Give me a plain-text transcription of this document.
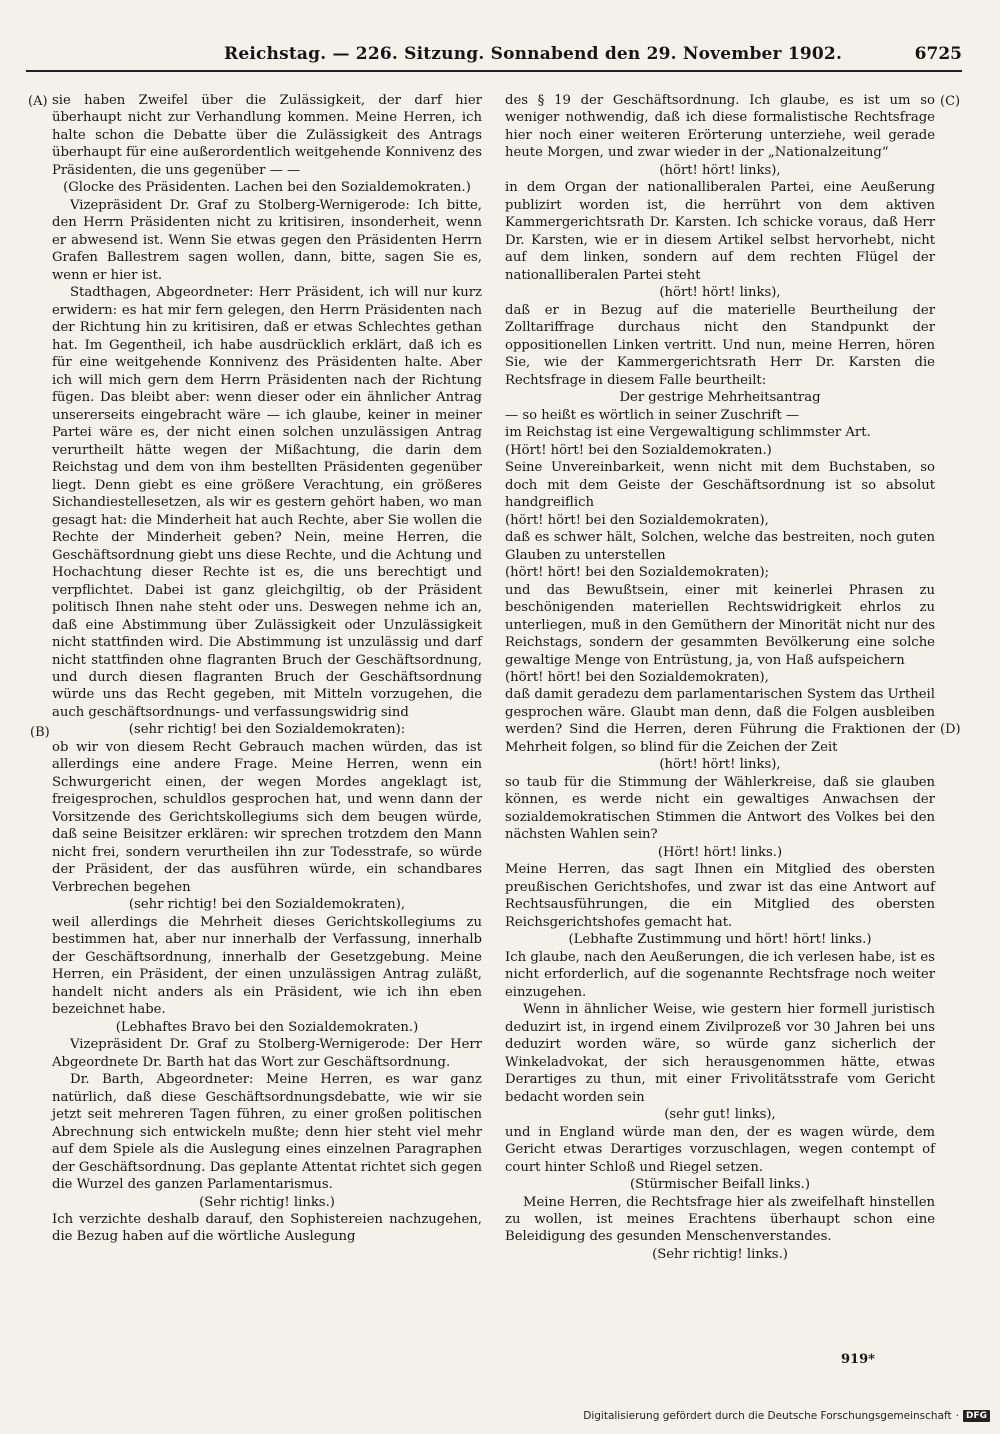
Reichstag. — 226. Sitzung. Sonnabend den 29. November 1902.	6725
(A)
(B)
(C)
(D)

sie haben Zweifel über die Zulässigkeit, der darf hier überhaupt nicht zur Verhandlung kommen. Meine Herren, ich halte schon die Debatte über die Zulässigkeit des Antrags überhaupt für eine außerordentlich weitgehende Konnivenz des Präsidenten, die uns gegenüber — —

(Glocke des Präsidenten. Lachen bei den Sozialdemokraten.)

Vizepräsident Dr. Graf zu Stolberg-Wernigerode: Ich bitte, den Herrn Präsidenten nicht zu kritisiren, insonderheit, wenn er abwesend ist. Wenn Sie etwas gegen den Präsidenten Herrn Grafen Ballestrem sagen wollen, dann, bitte, sagen Sie es, wenn er hier ist.

Stadthagen, Abgeordneter: Herr Präsident, ich will nur kurz erwidern: es hat mir fern gelegen, den Herrn Präsidenten nach der Richtung hin zu kritisiren, daß er etwas Schlechtes gethan hat. Im Gegentheil, ich habe ausdrücklich erklärt, daß ich es für eine weitgehende Konnivenz des Präsidenten halte. Aber ich will mich gern dem Herrn Präsidenten nach der Richtung fügen. Das bleibt aber: wenn dieser oder ein ähnlicher Antrag unsererseits eingebracht wäre — ich glaube, keiner in meiner Partei wäre es, der nicht einen solchen unzulässigen Antrag verurtheilt hätte wegen der Mißachtung, die darin dem Reichstag und dem von ihm bestellten Präsidenten gegenüber liegt. Denn giebt es eine größere Verachtung, ein größeres Sichandiestellesetzen, als wir es gestern gehört haben, wo man gesagt hat: die Minderheit hat auch Rechte, aber Sie wollen die Rechte der Minderheit geben? Nein, meine Herren, die Geschäftsordnung giebt uns diese Rechte, und die Achtung und Hochachtung dieser Rechte ist es, die uns berechtigt und verpflichtet. Dabei ist ganz gleichgiltig, ob der Präsident politisch Ihnen nahe steht oder uns. Deswegen nehme ich an, daß eine Abstimmung über Zulässigkeit oder Unzulässigkeit nicht stattfinden wird. Die Abstimmung ist unzulässig und darf nicht stattfinden ohne flagranten Bruch der Geschäftsordnung, und durch diesen flagranten Bruch der Geschäftsordnung würde uns das Recht gegeben, mit Mitteln vorzugehen, die auch geschäftsordnungs- und verfassungswidrig sind

(sehr richtig! bei den Sozialdemokraten):

ob wir von diesem Recht Gebrauch machen würden, das ist allerdings eine andere Frage. Meine Herren, wenn ein Schwurgericht einen, der wegen Mordes angeklagt ist, freigesprochen, schuldlos gesprochen hat, und wenn dann der Vorsitzende des Gerichtskollegiums sich dem beugen würde, daß seine Beisitzer erklären: wir sprechen trotzdem den Mann nicht frei, sondern verurtheilen ihn zur Todesstrafe, so würde der Präsident, der das ausführen würde, ein schandbares Verbrechen begehen

(sehr richtig! bei den Sozialdemokraten),

weil allerdings die Mehrheit dieses Gerichtskollegiums zu bestimmen hat, aber nur innerhalb der Verfassung, innerhalb der Geschäftsordnung, innerhalb der Gesetzgebung. Meine Herren, ein Präsident, der einen unzulässigen Antrag zuläßt, handelt nicht anders als ein Präsident, wie ich ihn eben bezeichnet habe.

(Lebhaftes Bravo bei den Sozialdemokraten.)

Vizepräsident Dr. Graf zu Stolberg-Wernigerode: Der Herr Abgeordnete Dr. Barth hat das Wort zur Geschäftsordnung.

Dr. Barth, Abgeordneter: Meine Herren, es war ganz natürlich, daß diese Geschäftsordnungsdebatte, wie wir sie jetzt seit mehreren Tagen führen, zu einer großen politischen Abrechnung sich entwickeln mußte; denn hier steht viel mehr auf dem Spiele als die Auslegung eines einzelnen Paragraphen der Geschäftsordnung. Das geplante Attentat richtet sich gegen die Wurzel des ganzen Parlamentarismus.

(Sehr richtig! links.)

Ich verzichte deshalb darauf, den Sophistereien nachzugehen, die Bezug haben auf die wörtliche Auslegung

des § 19 der Geschäftsordnung. Ich glaube, es ist um so weniger nothwendig, daß ich diese formalistische Rechtsfrage hier noch einer weiteren Erörterung unterziehe, weil gerade heute Morgen, und zwar wieder in der „Nationalzeitung“

(hört! hört! links),

in dem Organ der nationalliberalen Partei, eine Aeußerung publizirt worden ist, die herrührt von dem aktiven Kammergerichtsrath Dr. Karsten. Ich schicke voraus, daß Herr Dr. Karsten, wie er in diesem Artikel selbst hervorhebt, nicht auf dem linken, sondern auf dem rechten Flügel der nationalliberalen Partei steht

(hört! hört! links),

daß er in Bezug auf die materielle Beurtheilung der Zolltariffrage durchaus nicht den Standpunkt der oppositionellen Linken vertritt. Und nun, meine Herren, hören Sie, wie der Kammergerichtsrath Herr Dr. Karsten die Rechtsfrage in diesem Falle beurtheilt:

Der gestrige Mehrheitsantrag

— so heißt es wörtlich in seiner Zuschrift —

im Reichstag ist eine Vergewaltigung schlimmster Art.

(Hört! hört! bei den Sozialdemokraten.)

Seine Unvereinbarkeit, wenn nicht mit dem Buchstaben, so doch mit dem Geiste der Geschäftsordnung ist so absolut handgreiflich

(hört! hört! bei den Sozialdemokraten),

daß es schwer hält, Solchen, welche das bestreiten, noch guten Glauben zu unterstellen

(hört! hört! bei den Sozialdemokraten);

und das Bewußtsein, einer mit keinerlei Phrasen zu beschönigenden materiellen Rechtswidrigkeit ehrlos zu unterliegen, muß in den Gemüthern der Minorität nicht nur des Reichstags, sondern der gesammten Bevölkerung eine solche gewaltige Menge von Entrüstung, ja, von Haß aufspeichern

(hört! hört! bei den Sozialdemokraten),

daß damit geradezu dem parlamentarischen System das Urtheil gesprochen wäre. Glaubt man denn, daß die Folgen ausbleiben werden? Sind die Herren, deren Führung die Fraktionen der Mehrheit folgen, so blind für die Zeichen der Zeit

(hört! hört! links),

so taub für die Stimmung der Wählerkreise, daß sie glauben können, es werde nicht ein gewaltiges Anwachsen der sozialdemokratischen Stimmen die Antwort des Volkes bei den nächsten Wahlen sein?

(Hört! hört! links.)

Meine Herren, das sagt Ihnen ein Mitglied des obersten preußischen Gerichtshofes, und zwar ist das eine Antwort auf Rechtsausführungen, die ein Mitglied des obersten Reichsgerichtshofes gemacht hat.

(Lebhafte Zustimmung und hört! hört! links.)

Ich glaube, nach den Aeußerungen, die ich verlesen habe, ist es nicht erforderlich, auf die sogenannte Rechtsfrage noch weiter einzugehen.

Wenn in ähnlicher Weise, wie gestern hier formell juristisch deduzirt ist, in irgend einem Zivilprozeß vor 30 Jahren bei uns deduzirt worden wäre, so würde ganz sicherlich der Winkeladvokat, der sich herausgenommen hätte, etwas Derartiges zu thun, mit einer Frivolitätsstrafe vom Gericht bedacht worden sein

(sehr gut! links),

und in England würde man den, der es wagen würde, dem Gericht etwas Derartiges vorzuschlagen, wegen contempt of court hinter Schloß und Riegel setzen.

(Stürmischer Beifall links.)

Meine Herren, die Rechtsfrage hier als zweifelhaft hinstellen zu wollen, ist meines Erachtens überhaupt schon eine Beleidigung des gesunden Menschenverstandes.

(Sehr richtig! links.)

919*
Digitalisierung gefördert durch die Deutsche Forschungsgemeinschaft · DFG
